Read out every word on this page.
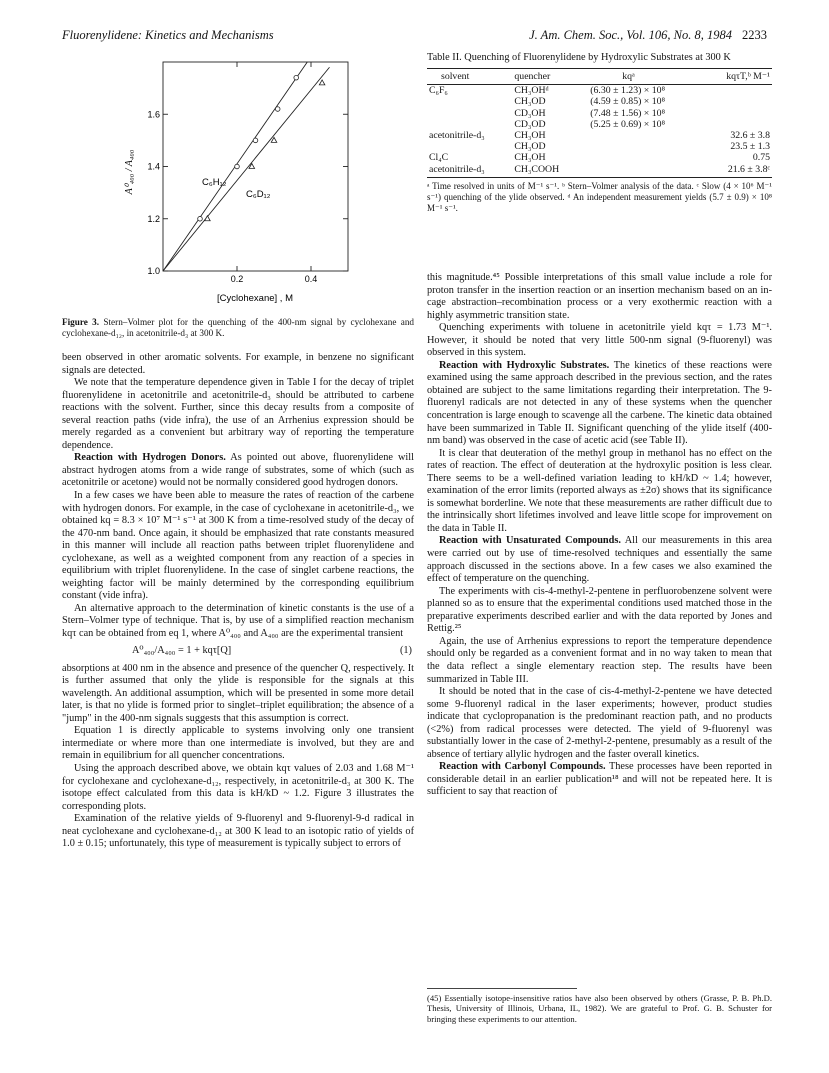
Fluorenylidene: Kinetics and Mechanisms	J. Am. Chem. Soc., Vol. 106, No. 8, 1984 2233
0.2	0.4
1.0
1.2
1.4
1.6
A⁰₄₀₀ / A₄₀₀
[Cyclohexane] , M
C₆H₁₂
C₆D₁₂
Figure 3. Stern–Volmer plot for the quenching of the 400-nm signal by cyclohexane and cyclohexane-d₁₂, in acetonitrile-d₃ at 300 K.

been observed in other aromatic solvents. For example, in benzene no significant signals are detected.

We note that the temperature dependence given in Table I for the decay of triplet fluorenylidene in acetonitrile and acetonitrile-d₃ should be attributed to carbene reactions with the solvent. Further, since this decay results from a composite of several reaction paths (vide infra), the use of an Arrhenius expression should be merely regarded as a convenient but arbitrary way of reporting the temperature dependence.

Reaction with Hydrogen Donors. As pointed out above, fluorenylidene will abstract hydrogen atoms from a wide range of substrates, some of which (such as acetonitrile or acetone) would not be normally considered good hydrogen donors.

In a few cases we have been able to measure the rates of reaction of the carbene with hydrogen donors. For example, in the case of cyclohexane in acetonitrile-d₃, we obtained kq = 8.3 × 10⁷ M⁻¹ s⁻¹ at 300 K from a time-resolved study of the decay of the 470-nm band. Once again, it should be emphasized that rate constants measured in this manner will include all reaction paths between triplet fluorenylidene and cyclohexane, as well as a weighted component from any reaction of a species in equilibrium with triplet fluorenylidene. In the case of singlet carbene reactions, the weighting factor will be mainly determined by the corresponding equilibrium constant (vide infra).

An alternative approach to the determination of kinetic constants is the use of a Stern–Volmer type of technique. That is, by use of a simplified reaction mechanism kqτ can be obtained from eq 1, where A⁰₄₀₀ and A₄₀₀ are the experimental transient

A⁰₄₀₀/A₄₀₀ = 1 + kqτ[Q]	(1)

absorptions at 400 nm in the absence and presence of the quencher Q, respectively. It is further assumed that only the ylide is responsible for the signals at this wavelength. An additional assumption, which will be presented in some more detail later, is that no ylide is formed prior to singlet–triplet equilibration; the absence of a "jump" in the 400-nm signals suggests that this assumption is correct.

Equation 1 is directly applicable to systems involving only one transient intermediate or where more than one intermediate is involved, but they are and remain in equilibrium for all quencher concentrations.

Using the approach described above, we obtain kqτ values of 2.03 and 1.68 M⁻¹ for cyclohexane and cyclohexane-d₁₂, respectively, in acetonitrile-d₃ at 300 K. The isotope effect calculated from this data is kH/kD ~ 1.2. Figure 3 illustrates the corresponding plots.

Examination of the relative yields of 9-fluorenyl and 9-fluorenyl-9-d radical in neat cyclohexane and cyclohexane-d₁₂ at 300 K lead to an isotopic ratio of yields of 1.0 ± 0.15; unfortunately, this type of measurement is typically subject to errors of

Table II. Quenching of Fluorenylidene by Hydroxylic Substrates at 300 K
solvent	quencher	kqᵃ	kqτT,ᵇ M⁻¹
C₆F₆	CH₃OHᵈ	(6.30 ± 1.23) × 10⁸	
	CH₃OD	(4.59 ± 0.85) × 10⁸	
	CD₃OH	(7.48 ± 1.56) × 10⁸	
	CD₃OD	(5.25 ± 0.69) × 10⁸	
acetonitrile-d₃	CH₃OH		32.6 ± 3.8
	CH₃OD		23.5 ± 1.3
Cl₄C	CH₃OH		0.75
acetonitrile-d₃	CH₃COOH		21.6 ± 3.8ᶜ
ᵃ Time resolved in units of M⁻¹ s⁻¹. ᵇ Stern–Volmer analysis of the data. ᶜ Slow (4 × 10⁶ M⁻¹ s⁻¹) quenching of the ylide observed. ᵈ An independent measurement yields (5.7 ± 0.9) × 10⁸ M⁻¹ s⁻¹.

this magnitude.⁴⁵ Possible interpretations of this small value include a role for proton transfer in the insertion reaction or an insertion mechanism based on an in-cage abstraction–recombination process or a very exothermic reaction with a highly asymmetric transition state.

Quenching experiments with toluene in acetonitrile yield kqτ = 1.73 M⁻¹. However, it should be noted that very little 500-nm signal (9-fluorenyl) was observed in this system.

Reaction with Hydroxylic Substrates. The kinetics of these reactions were examined using the same approach described in the previous section, and the rates obtained are subject to the same limitations regarding their interpretation. The 9-fluorenyl radicals are not detected in any of these systems when the quencher concentration is large enough to scavenge all the carbene. The kinetic data obtained have been summarized in Table II. Significant quenching of the ylide itself (400-nm band) was observed in the case of acetic acid (see Table II).

It is clear that deuteration of the methyl group in methanol has no effect on the rates of reaction. The effect of deuteration at the hydroxylic position is less clear. There seems to be a well-defined variation leading to kH/kD ~ 1.4; however, examination of the error limits (reported always as ±2σ) shows that its significance is somewhat borderline. We note that these measurements are rather difficult due to the intrinsically short lifetimes involved and leave little scope for improvement on the data in Table II.

Reaction with Unsaturated Compounds. All our measurements in this area were carried out by use of time-resolved techniques and essentially the same approach discussed in the sections above. In a few cases we also examined the effect of temperature on the quenching.

The experiments with cis-4-methyl-2-pentene in perfluorobenzene solvent were planned so as to ensure that the experimental conditions used matched those in the preparative experiments described earlier and with the data reported by Jones and Rettig.²⁵

Again, the use of Arrhenius expressions to report the temperature dependence should only be regarded as a convenient format and in no way taken to mean that the data reflect a single elementary reaction step. The results have been summarized in Table III.

It should be noted that in the case of cis-4-methyl-2-pentene we have detected some 9-fluorenyl radical in the laser experiments; however, product studies indicate that cyclopropanation is the predominant reaction path, and no products (<2%) from radical processes were detected. The yield of 9-fluorenyl was substantially lower in the case of 2-methyl-2-pentene, presumably as a result of the absence of tertiary allylic hydrogen and the faster overall kinetics.

Reaction with Carbonyl Compounds. These processes have been reported in considerable detail in an earlier publication¹⁸ and will not be repeated here. It is sufficient to say that reaction of

(45) Essentially isotope-insensitive ratios have also been observed by others (Grasse, P. B. Ph.D. Thesis, University of Illinois, Urbana, IL, 1982). We are grateful to Prof. G. B. Schuster for bringing these experiments to our attention.
